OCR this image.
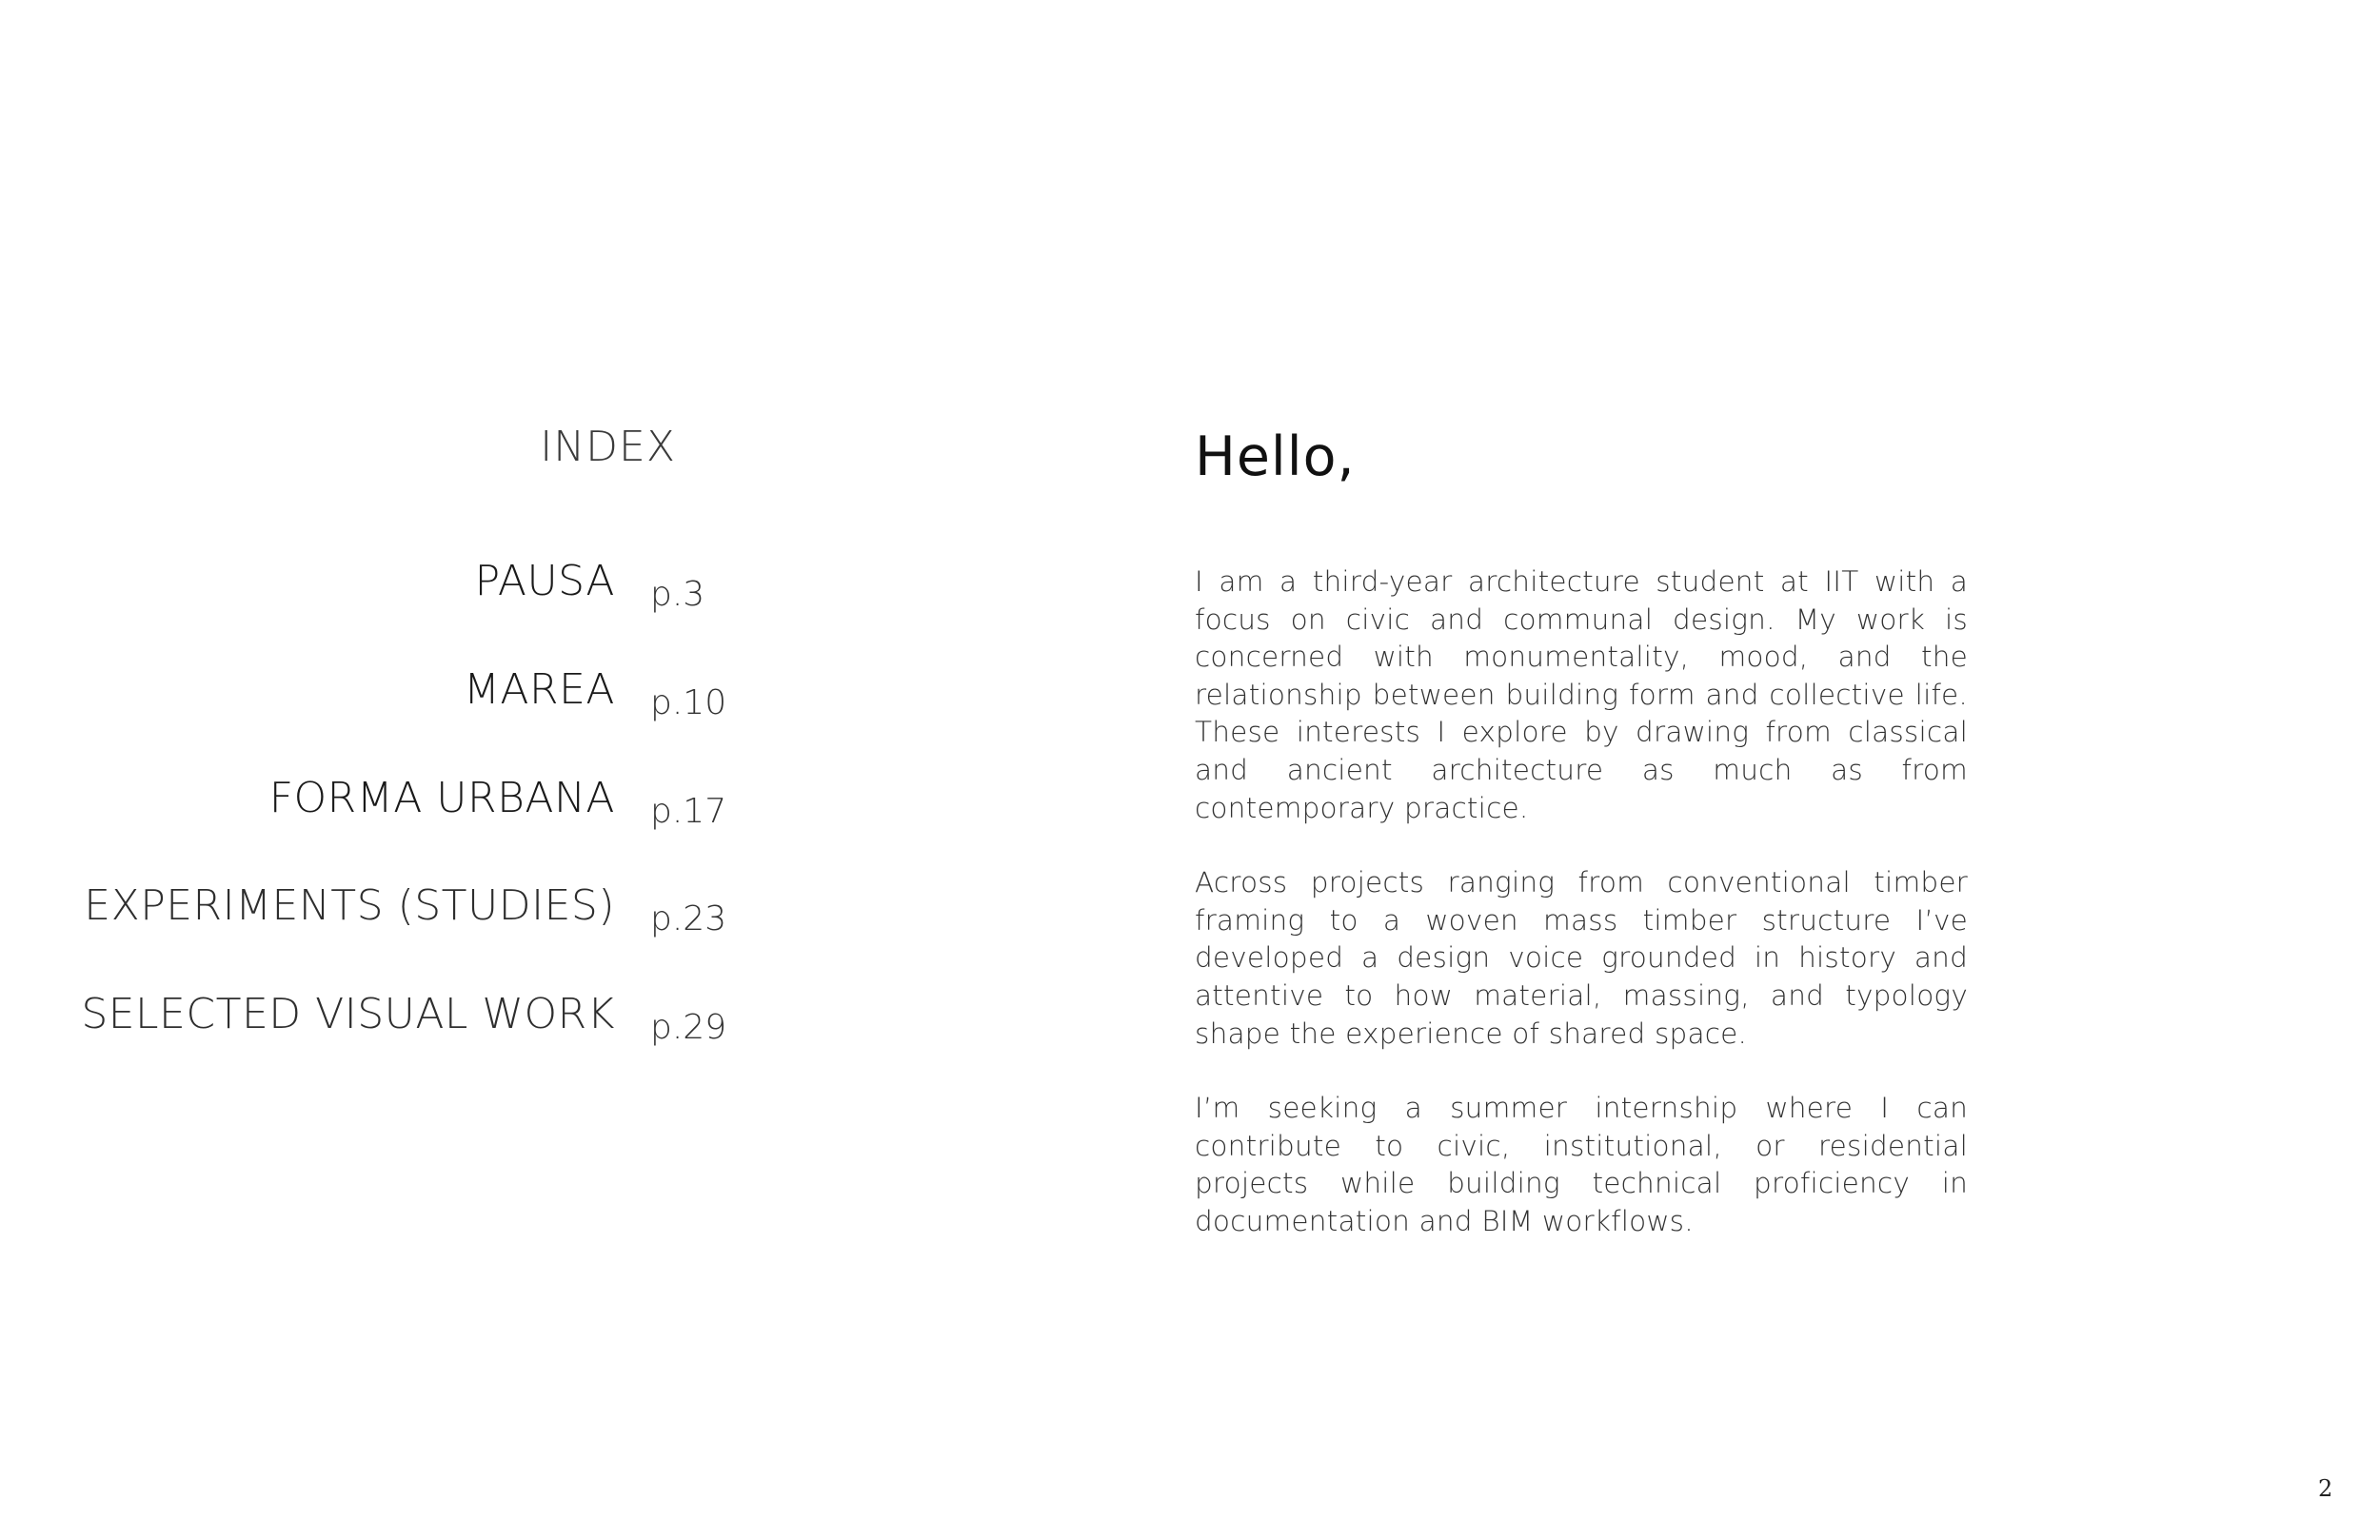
INDEX
PAUSA p.3
MAREA p.10
FORMA URBANA p.17
EXPERIMENTS (STUDIES) p.23
SELECTED VISUAL WORK p.29
Hello,

I am a third-year architecture student at IIT with a focus on civic and communal design. My work is concerned with monumentality, mood, and the relationship between building form and collective life. These interests I explore by drawing from classical and ancient architecture as much as from contemporary practice.

Across projects ranging from conventional timber framing to a woven mass timber structure I’ve developed a design voice grounded in history and attentive to how material, massing, and typology shape the experience of shared space.

I’m seeking a summer internship where I can contribute to civic, institutional, or residential projects while building technical proficiency in documentation and BIM workflows.

2
